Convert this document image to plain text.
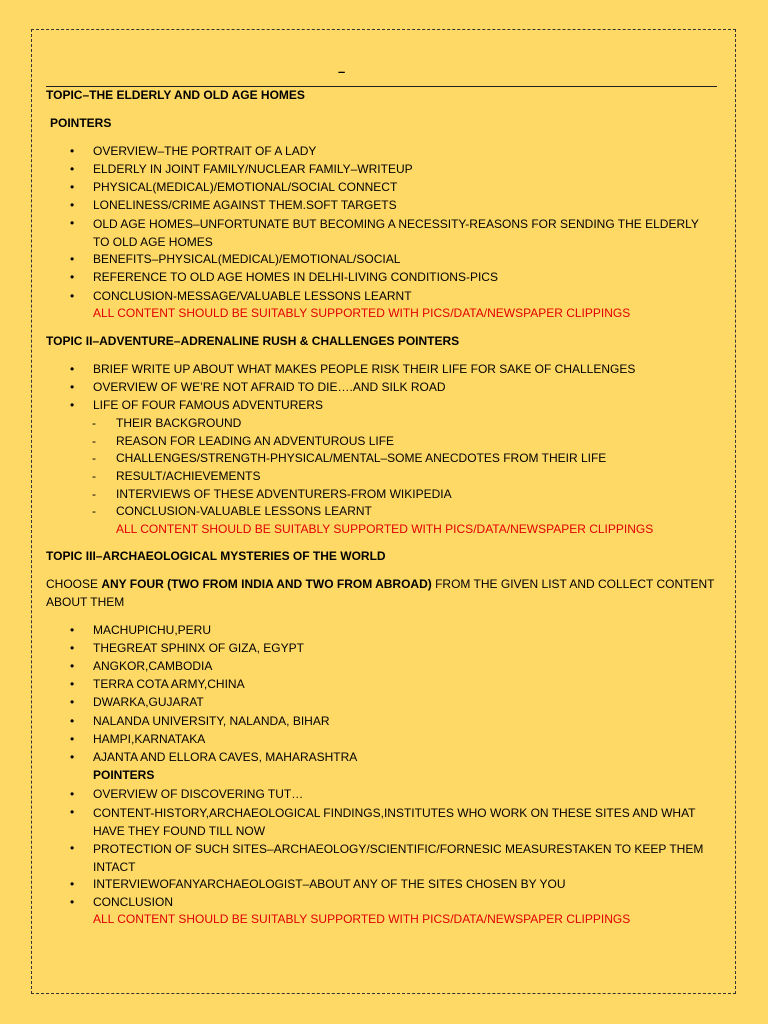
–
TOPIC–THE ELDERLY AND OLD AGE HOMES
POINTERS
• OVERVIEW–THE PORTRAIT OF A LADY
• ELDERLY IN JOINT FAMILY/NUCLEAR FAMILY–WRITEUP
• PHYSICAL(MEDICAL)/EMOTIONAL/SOCIAL CONNECT
• LONELINESS/CRIME AGAINST THEM.SOFT TARGETS
• OLD AGE HOMES–UNFORTUNATE BUT BECOMING A NECESSITY-REASONS FOR SENDING THE ELDERLY TO OLD AGE HOMES
• BENEFITS–PHYSICAL(MEDICAL)/EMOTIONAL/SOCIAL
• REFERENCE TO OLD AGE HOMES IN DELHI-LIVING CONDITIONS-PICS
• CONCLUSION-MESSAGE/VALUABLE LESSONS LEARNT
ALL CONTENT SHOULD BE SUITABLY SUPPORTED WITH PICS/DATA/NEWSPAPER CLIPPINGS
TOPIC II–ADVENTURE–ADRENALINE RUSH & CHALLENGES POINTERS
• BRIEF WRITE UP ABOUT WHAT MAKES PEOPLE RISK THEIR LIFE FOR SAKE OF CHALLENGES
• OVERVIEW OF WE’RE NOT AFRAID TO DIE….AND SILK ROAD
• LIFE OF FOUR FAMOUS ADVENTURERS
- THEIR BACKGROUND
- REASON FOR LEADING AN ADVENTUROUS LIFE
- CHALLENGES/STRENGTH-PHYSICAL/MENTAL–SOME ANECDOTES FROM THEIR LIFE
- RESULT/ACHIEVEMENTS
- INTERVIEWS OF THESE ADVENTURERS-FROM WIKIPEDIA
- CONCLUSION-VALUABLE LESSONS LEARNT
ALL CONTENT SHOULD BE SUITABLY SUPPORTED WITH PICS/DATA/NEWSPAPER CLIPPINGS
TOPIC III–ARCHAEOLOGICAL MYSTERIES OF THE WORLD
CHOOSE ANY FOUR (TWO FROM INDIA AND TWO FROM ABROAD) FROM THE GIVEN LIST AND COLLECT CONTENT ABOUT THEM
• MACHUPICHU,PERU
• THEGREAT SPHINX OF GIZA, EGYPT
• ANGKOR,CAMBODIA
• TERRA COTA ARMY,CHINA
• DWARKA,GUJARAT
• NALANDA UNIVERSITY, NALANDA, BIHAR
• HAMPI,KARNATAKA
• AJANTA AND ELLORA CAVES, MAHARASHTRA
POINTERS
• OVERVIEW OF DISCOVERING TUT…
• CONTENT-HISTORY,ARCHAEOLOGICAL FINDINGS,INSTITUTES WHO WORK ON THESE SITES AND WHAT HAVE THEY FOUND TILL NOW
• PROTECTION OF SUCH SITES–ARCHAEOLOGY/SCIENTIFIC/FORNESIC MEASURESTAKEN TO KEEP THEM INTACT
• INTERVIEWOFANYARCHAEOLOGIST–ABOUT ANY OF THE SITES CHOSEN BY YOU
• CONCLUSION
ALL CONTENT SHOULD BE SUITABLY SUPPORTED WITH PICS/DATA/NEWSPAPER CLIPPINGS
